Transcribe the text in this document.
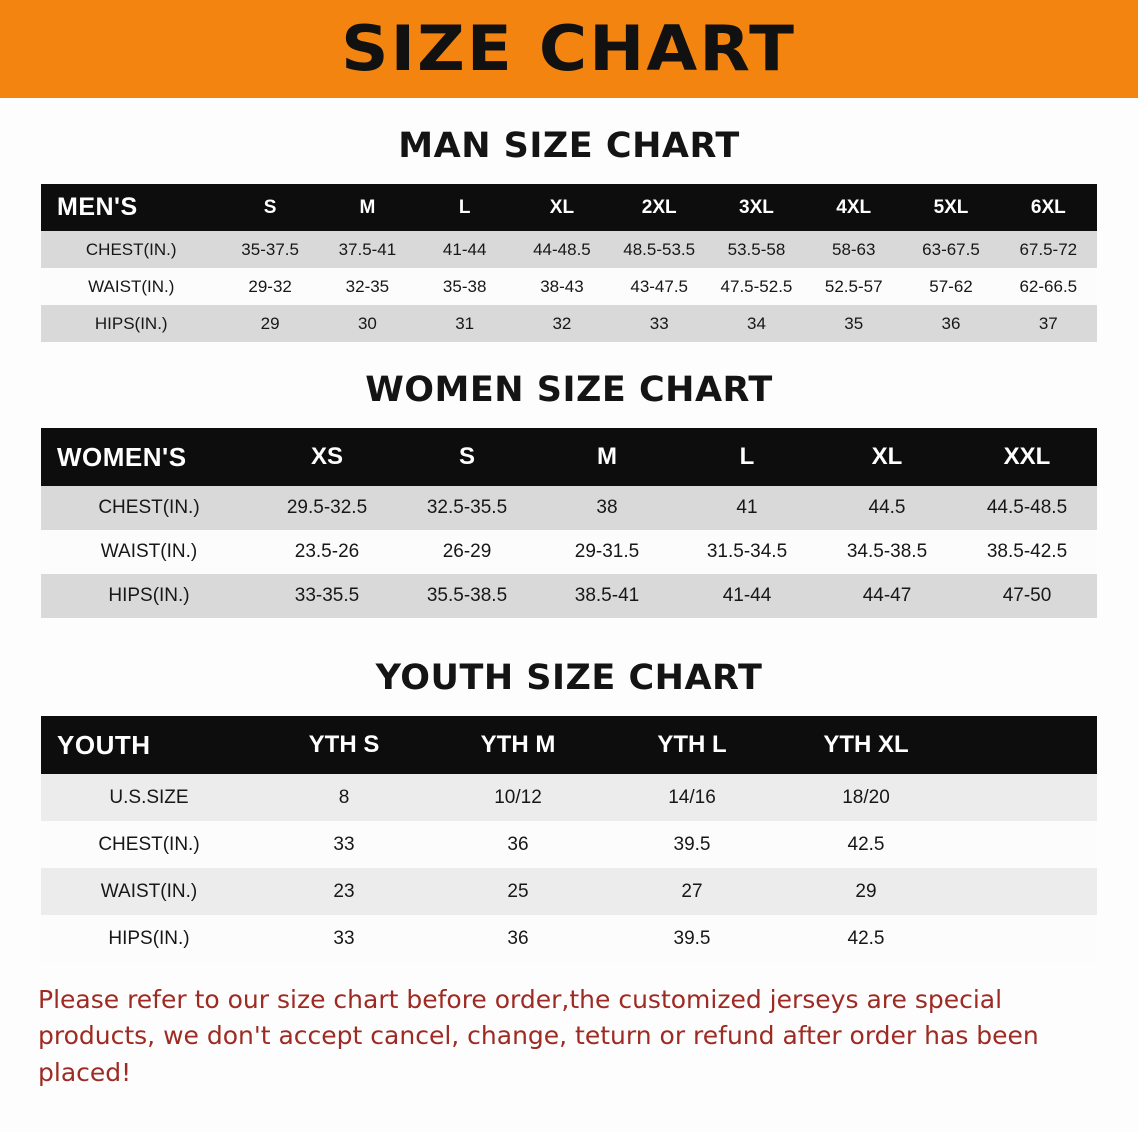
SIZE CHART
MAN SIZE CHART
MEN'S	S	M	L	XL	2XL	3XL	4XL	5XL	6XL
CHEST(IN.)	35-37.5	37.5-41	41-44	44-48.5	48.5-53.5	53.5-58	58-63	63-67.5	67.5-72
WAIST(IN.)	29-32	32-35	35-38	38-43	43-47.5	47.5-52.5	52.5-57	57-62	62-66.5
HIPS(IN.)	29	30	31	32	33	34	35	36	37
WOMEN SIZE CHART
WOMEN'S	XS	S	M	L	XL	XXL
CHEST(IN.)	29.5-32.5	32.5-35.5	38	41	44.5	44.5-48.5
WAIST(IN.)	23.5-26	26-29	29-31.5	31.5-34.5	34.5-38.5	38.5-42.5
HIPS(IN.)	33-35.5	35.5-38.5	38.5-41	41-44	44-47	47-50
YOUTH SIZE CHART
YOUTH	YTH S	YTH M	YTH L	YTH XL	
U.S.SIZE	8	10/12	14/16	18/20	
CHEST(IN.)	33	36	39.5	42.5	
WAIST(IN.)	23	25	27	29	
HIPS(IN.)	33	36	39.5	42.5	
Please refer to our size chart before order,the customized jerseys are special products, we don't accept cancel, change, teturn or refund after order has been placed!
